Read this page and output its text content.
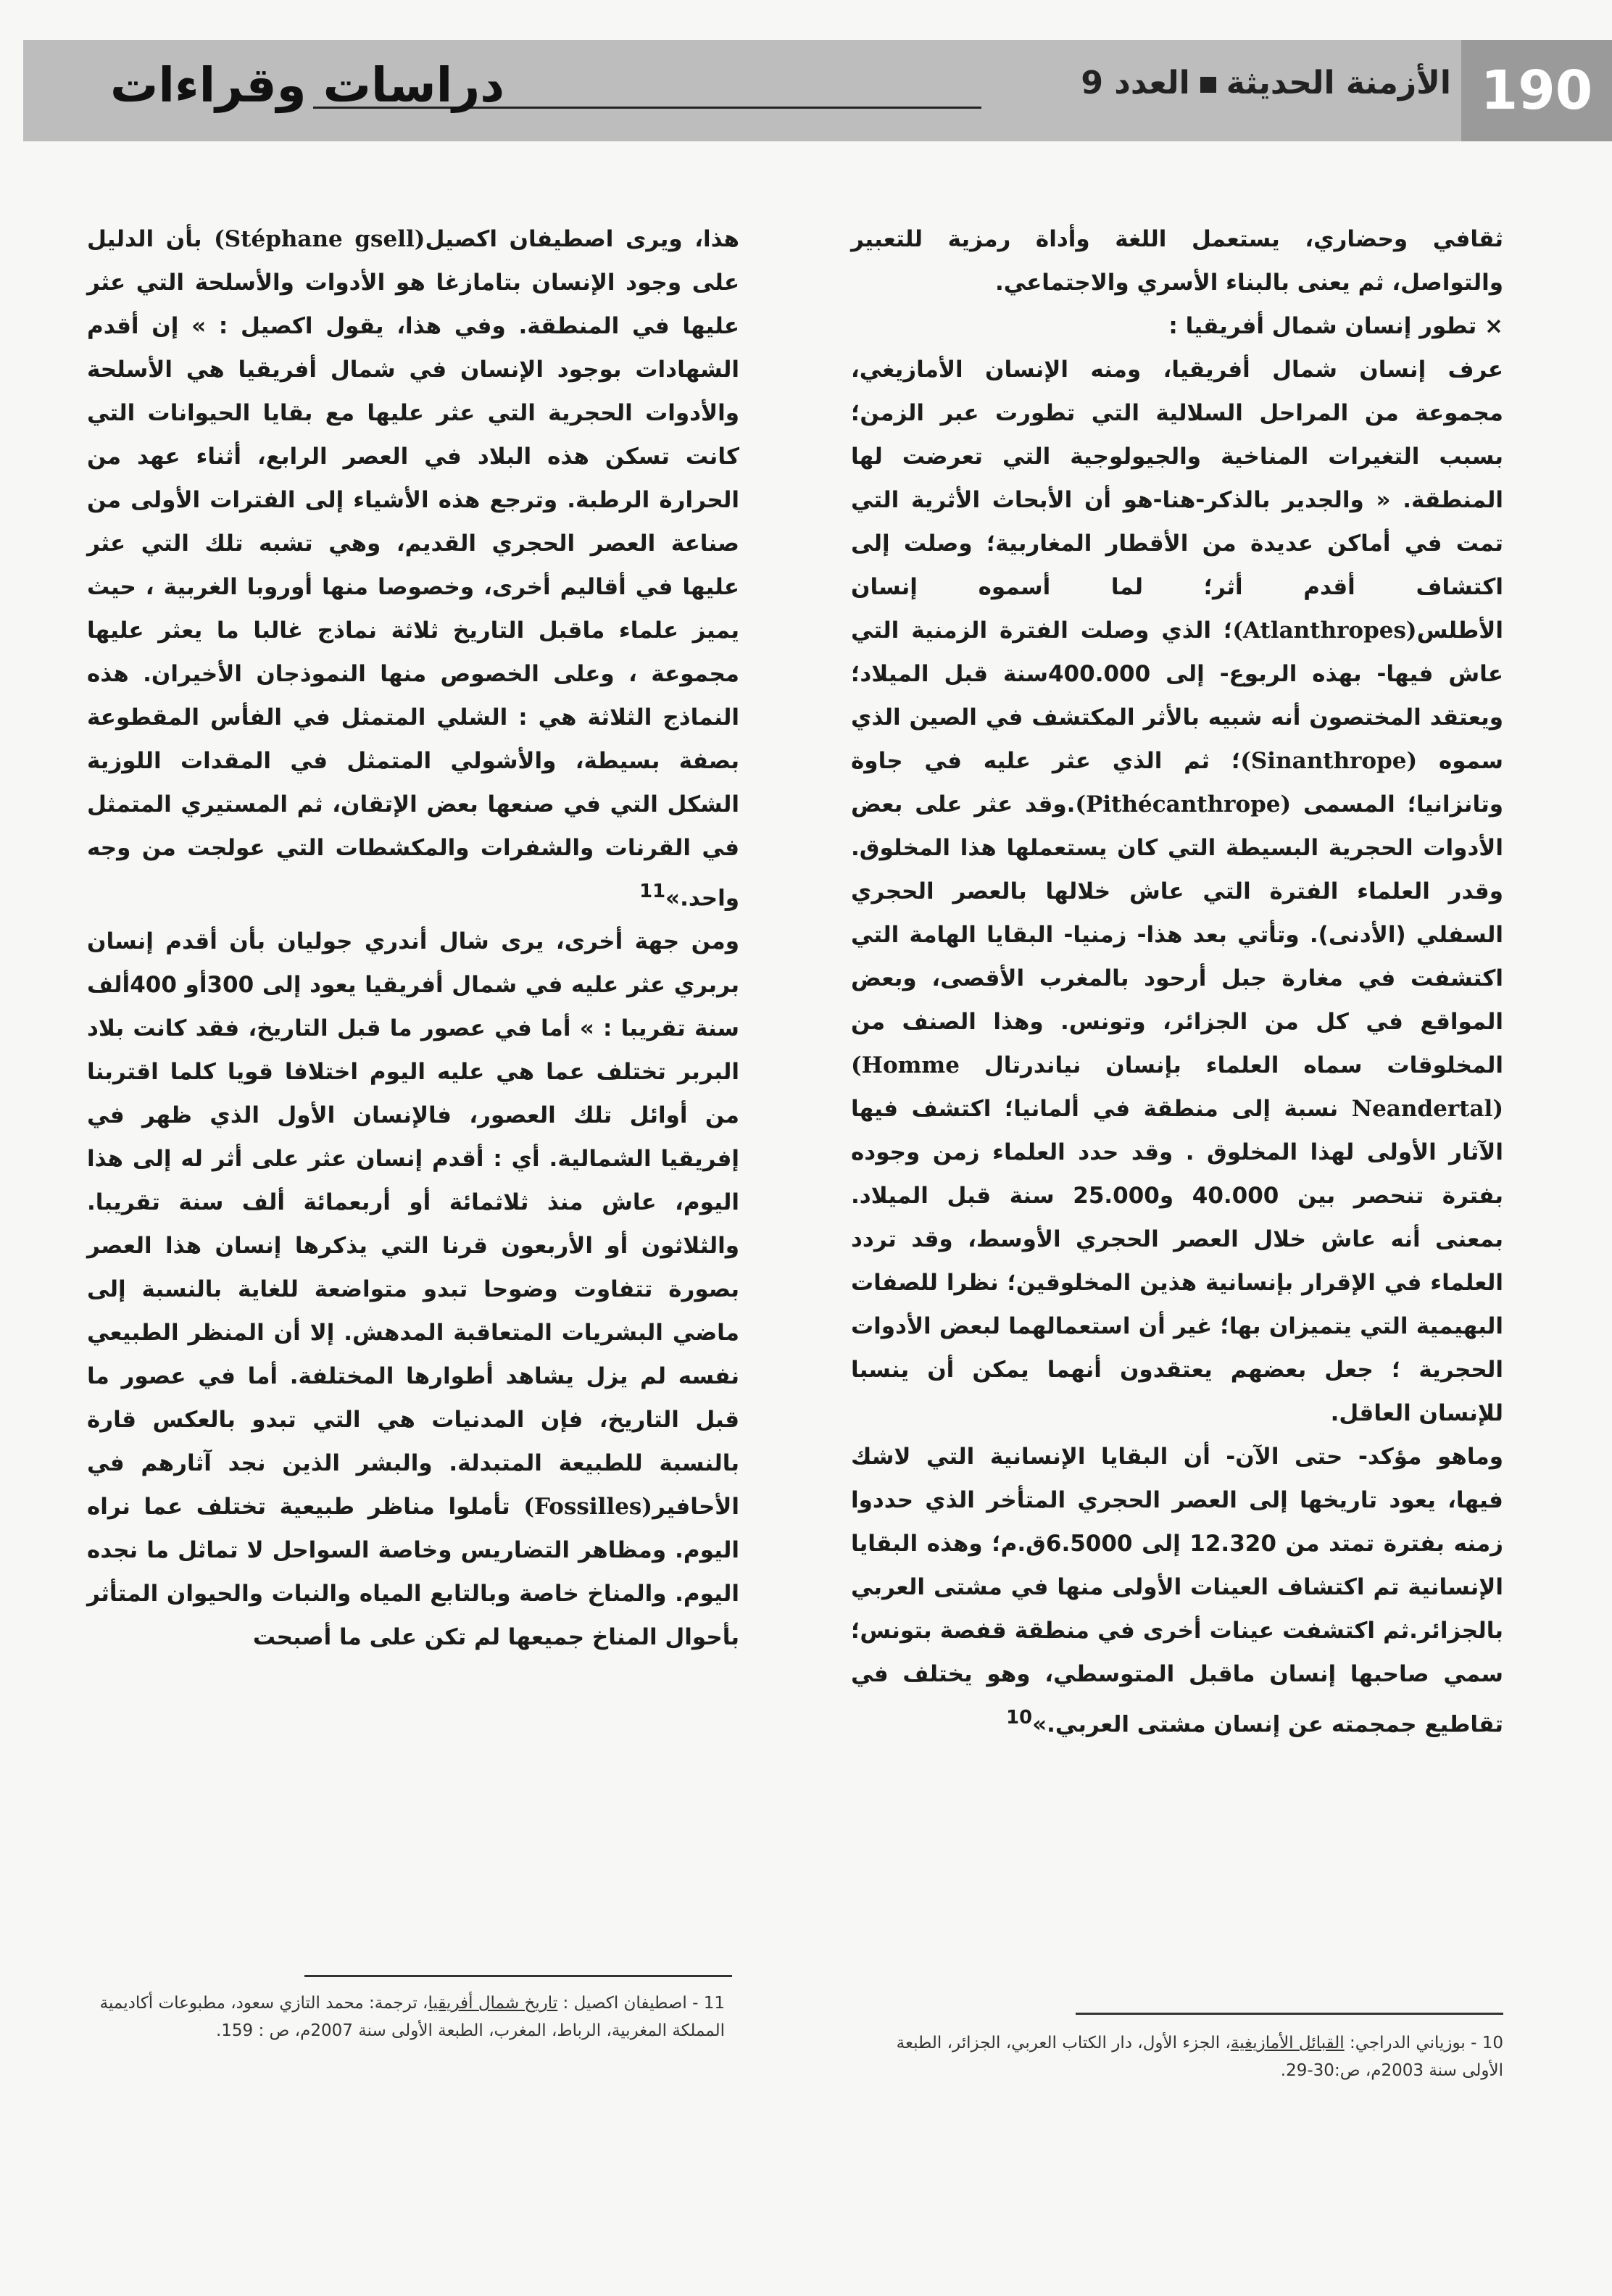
190
الأزمنة الحديثةالعدد 9
دراسات وقراءات

ثقافي وحضاري، يستعمل اللغة وأداة رمزية للتعبير والتواصل، ثم يعنى بالبناء الأسري والاجتماعي.

× تطور إنسان شمال أفريقيا :

عرف إنسان شمال أفريقيا، ومنه الإنسان الأمازيغي، مجموعة من المراحل السلالية التي تطورت عبر الزمن؛ بسبب التغيرات المناخية والجيولوجية التي تعرضت لها المنطقة. « والجدير بالذكر-هنا-هو أن الأبحاث الأثرية التي تمت في أماكن عديدة من الأقطار المغاربية؛ وصلت إلى اكتشاف أقدم أثر؛ لما أسموه إنسان الأطلس(Atlanthropes)؛ الذي وصلت الفترة الزمنية التي عاش فيها- بهذه الربوع- إلى 400.000سنة قبل الميلاد؛ ويعتقد المختصون أنه شبيه بالأثر المكتشف في الصين الذي سموه (Sinanthrope)؛ ثم الذي عثر عليه في جاوة وتانزانيا؛ المسمى (Pithécanthrope).وقد عثر على بعض الأدوات الحجرية البسيطة التي كان يستعملها هذا المخلوق. وقدر العلماء الفترة التي عاش خلالها بالعصر الحجري السفلي (الأدنى). وتأتي بعد هذا- زمنيا- البقايا الهامة التي اكتشفت في مغارة جبل أرحود بالمغرب الأقصى، وبعض المواقع في كل من الجزائر، وتونس. وهذا الصنف من المخلوقات سماه العلماء بإنسان نياندرتال (Homme Neandertal) نسبة إلى منطقة في ألمانيا؛ اكتشف فيها الآثار الأولى لهذا المخلوق . وقد حدد العلماء زمن وجوده بفترة تنحصر بين 40.000 و25.000 سنة قبل الميلاد. بمعنى أنه عاش خلال العصر الحجري الأوسط، وقد تردد العلماء في الإقرار بإنسانية هذين المخلوقين؛ نظرا للصفات البهيمية التي يتميزان بها؛ غير أن استعمالهما لبعض الأدوات الحجرية ؛ جعل بعضهم يعتقدون أنهما يمكن أن ينسبا للإنسان العاقل.

وماهو مؤكد- حتى الآن- أن البقايا الإنسانية التي لاشك فيها، يعود تاريخها إلى العصر الحجري المتأخر الذي حددوا زمنه بفترة تمتد من 12.320 إلى 6.5000ق.م؛ وهذه البقايا الإنسانية تم اكتشاف العينات الأولى منها في مشتى العربي بالجزائر.ثم اكتشفت عينات أخرى في منطقة قفصة بتونس؛ سمي صاحبها إنسان ماقبل المتوسطي، وهو يختلف في تقاطيع جمجمته عن إنسان مشتى العربي.»$^{10}$

هذا، ويرى اصطيفان اكصيل(Stéphane gsell) بأن الدليل على وجود الإنسان بتامازغا هو الأدوات والأسلحة التي عثر عليها في المنطقة. وفي هذا، يقول اكصيل : » إن أقدم الشهادات بوجود الإنسان في شمال أفريقيا هي الأسلحة والأدوات الحجرية التي عثر عليها مع بقايا الحيوانات التي كانت تسكن هذه البلاد في العصر الرابع، أثناء عهد من الحرارة الرطبة. وترجع هذه الأشياء إلى الفترات الأولى من صناعة العصر الحجري القديم، وهي تشبه تلك التي عثر عليها في أقاليم أخرى، وخصوصا منها أوروبا الغربية ، حيث يميز علماء ماقبل التاريخ ثلاثة نماذج غالبا ما يعثر عليها مجموعة ، وعلى الخصوص منها النموذجان الأخيران. هذه النماذج الثلاثة هي : الشلي المتمثل في الفأس المقطوعة بصفة بسيطة، والأشولي المتمثل في المقدات اللوزية الشكل التي في صنعها بعض الإتقان، ثم المستيري المتمثل في القرنات والشفرات والمكشطات التي عولجت من وجه واحد.»$^{11}$

ومن جهة أخرى، يرى شال أندري جوليان بأن أقدم إنسان بربري عثر عليه في شمال أفريقيا يعود إلى 300أو 400ألف سنة تقريبا : » أما في عصور ما قبل التاريخ، فقد كانت بلاد البربر تختلف عما هي عليه اليوم اختلافا قويا كلما اقتربنا من أوائل تلك العصور، فالإنسان الأول الذي ظهر في إفريقيا الشمالية. أي : أقدم إنسان عثر على أثر له إلى هذا اليوم، عاش منذ ثلاثمائة أو أربعمائة ألف سنة تقريبا. والثلاثون أو الأربعون قرنا التي يذكرها إنسان هذا العصر بصورة تتفاوت وضوحا تبدو متواضعة للغاية بالنسبة إلى ماضي البشريات المتعاقبة المدهش. إلا أن المنظر الطبيعي نفسه لم يزل يشاهد أطوارها المختلفة. أما في عصور ما قبل التاريخ، فإن المدنيات هي التي تبدو بالعكس قارة بالنسبة للطبيعة المتبدلة. والبشر الذين نجد آثارهم في الأحافير(Fossilles) تأملوا مناظر طبيعية تختلف عما نراه اليوم. ومظاهر التضاريس وخاصة السواحل لا تماثل ما نجده اليوم. والمناخ خاصة وبالتابع المياه والنبات والحيوان المتأثر بأحوال المناخ جميعها لم تكن على ما أصبحت

10 - بوزياني الدراجي: القبائل الأمازيغية، الجزء الأول، دار الكتاب العربي، الجزائر، الطبعة الأولى سنة 2003م، ص:30-29.
11 - اصطيفان اكصيل : تاريخ شمال أفريقيا، ترجمة: محمد التازي سعود، مطبوعات أكاديمية المملكة المغربية، الرباط، المغرب، الطبعة الأولى سنة 2007م، ص : 159.
